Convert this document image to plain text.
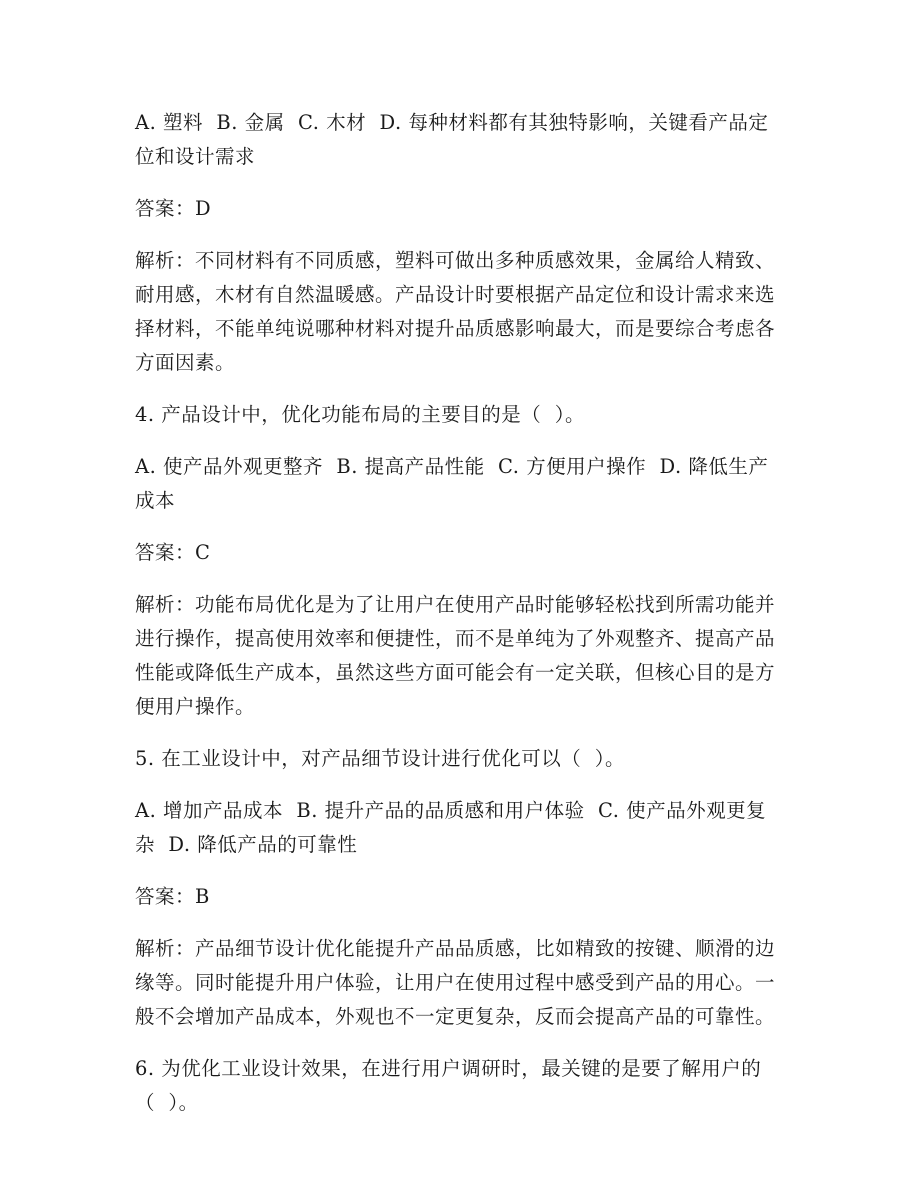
A. 塑料  B. 金属  C. 木材  D. 每种材料都有其独特影响，关键看产品定位和设计需求

答案：D

解析：不同材料有不同质感，塑料可做出多种质感效果，金属给人精致、耐用感，木材有自然温暖感。产品设计时要根据产品定位和设计需求来选择材料，不能单纯说哪种材料对提升品质感影响最大，而是要综合考虑各方面因素。

4. 产品设计中，优化功能布局的主要目的是（  ）。

A. 使产品外观更整齐  B. 提高产品性能  C. 方便用户操作  D. 降低生产成本

答案：C

解析：功能布局优化是为了让用户在使用产品时能够轻松找到所需功能并进行操作，提高使用效率和便捷性，而不是单纯为了外观整齐、提高产品性能或降低生产成本，虽然这些方面可能会有一定关联，但核心目的是方便用户操作。

5. 在工业设计中，对产品细节设计进行优化可以（  ）。

A. 增加产品成本  B. 提升产品的品质感和用户体验  C. 使产品外观更复杂  D. 降低产品的可靠性

答案：B

解析：产品细节设计优化能提升产品品质感，比如精致的按键、顺滑的边缘等。同时能提升用户体验，让用户在使用过程中感受到产品的用心。一般不会增加产品成本，外观也不一定更复杂，反而会提高产品的可靠性。

6. 为优化工业设计效果，在进行用户调研时，最关键的是要了解用户的（  ）。
